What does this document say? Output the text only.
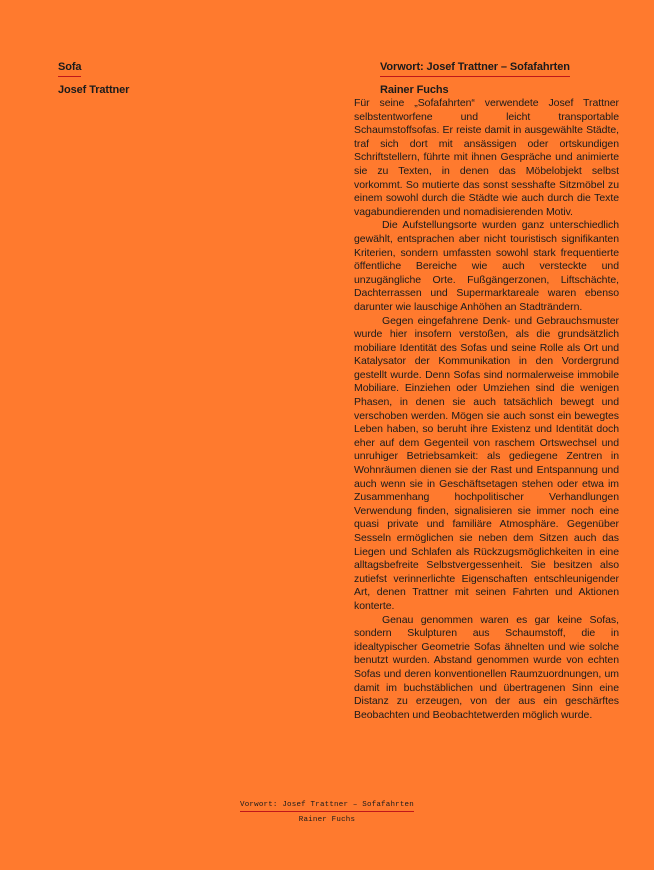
Sofa
Josef Trattner
Vorwort: Josef Trattner – Sofafahrten
Rainer Fuchs

Für seine „Sofafahrten“ verwendete Josef Trattner selbstentworfene und leicht transportable Schaumstoffsofas. Er reiste damit in ausgewählte Städte, traf sich dort mit ansässigen oder ortskundigen Schriftstellern, führte mit ihnen Gespräche und animierte sie zu Texten, in denen das Möbelobjekt selbst vorkommt. So mutierte das sonst sesshafte Sitzmöbel zu einem sowohl durch die Städte wie auch durch die Texte vagabundierenden und nomadisierenden Motiv.

Die Aufstellungsorte wurden ganz unterschiedlich gewählt, entsprachen aber nicht touristisch signifikanten Kriterien, sondern umfassten sowohl stark frequentierte öffentliche Bereiche wie auch versteckte und unzugängliche Orte. Fußgängerzonen, Liftschächte, Dachterrassen und Supermarktareale waren ebenso darunter wie lauschige Anhöhen an Stadträndern.

Gegen eingefahrene Denk- und Gebrauchsmuster wurde hier insofern verstoßen, als die grundsätzlich mobiliare Identität des Sofas und seine Rolle als Ort und Katalysator der Kommunikation in den Vordergrund gestellt wurde. Denn Sofas sind normalerweise immobile Mobiliare. Einziehen oder Umziehen sind die wenigen Phasen, in denen sie auch tatsächlich bewegt und verschoben werden. Mögen sie auch sonst ein bewegtes Leben haben, so beruht ihre Existenz und Identität doch eher auf dem Gegenteil von raschem Ortswechsel und unruhiger Betriebsamkeit: als gediegene Zentren in Wohnräumen dienen sie der Rast und Entspannung und auch wenn sie in Geschäftsetagen stehen oder etwa im Zusammenhang hochpolitischer Verhandlungen Verwendung finden, signalisieren sie immer noch eine quasi private und familiäre Atmosphäre. Gegenüber Sesseln ermöglichen sie neben dem Sitzen auch das Liegen und Schlafen als Rückzugsmöglichkeiten in eine alltagsbefreite Selbstvergessenheit. Sie besitzen also zutiefst verinnerlichte Eigenschaften entschleunigender Art, denen Trattner mit seinen Fahrten und Aktionen konterte.

Genau genommen waren es gar keine Sofas, sondern Skulpturen aus Schaumstoff, die in idealtypischer Geometrie Sofas ähnelten und wie solche benutzt wurden. Abstand genommen wurde von echten Sofas und deren konventionellen Raumzuordnungen, um damit im buchstäblichen und übertragenen Sinn eine Distanz zu erzeugen, von der aus ein geschärftes Beobachten und Beobachtetwerden möglich wurde.

Vorwort: Josef Trattner – Sofafahrten
Rainer Fuchs
